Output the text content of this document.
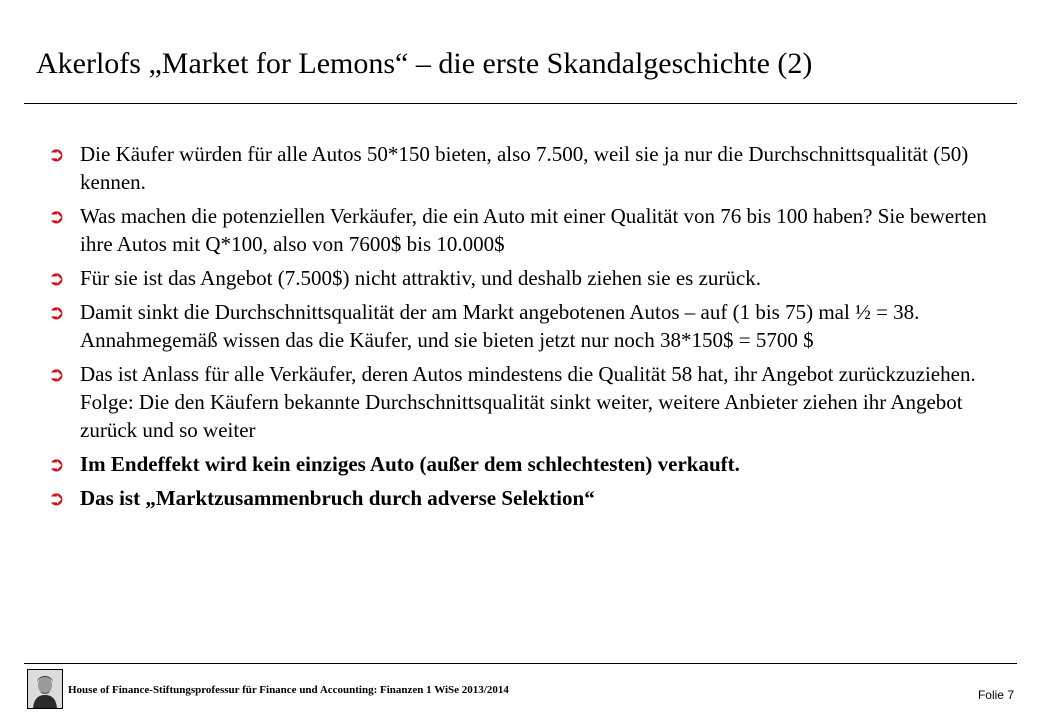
Akerlofs „Market for Lemons“ – die erste Skandalgeschichte (2)
➲ Die Käufer würden für alle Autos 50*150 bieten, also 7.500, weil sie ja nur die Durchschnittsqualität (50) kennen.
➲ Was machen die potenziellen Verkäufer, die ein Auto mit einer Qualität von 76 bis 100 haben? Sie bewerten ihre Autos mit Q*100, also von 7600$ bis 10.000$
➲ Für sie ist das Angebot (7.500$) nicht attraktiv, und deshalb ziehen sie es zurück.
➲ Damit sinkt die Durchschnittsqualität der am Markt angebotenen Autos – auf (1 bis 75) mal ½ = 38. Annahmegemäß wissen das die Käufer, und sie bieten jetzt nur noch 38*150$ = 5700 $
➲ Das ist Anlass für alle Verkäufer, deren Autos mindestens die Qualität 58 hat, ihr Angebot zurückzuziehen. Folge: Die den Käufern bekannte Durchschnittsqualität sinkt weiter, weitere Anbieter ziehen ihr Angebot zurück und so weiter
➲ Im Endeffekt wird kein einziges Auto (außer dem schlechtesten) verkauft.
➲ Das ist „Marktzusammenbruch durch adverse Selektion“
House of Finance-Stiftungsprofessur für Finance und Accounting: Finanzen 1 WiSe 2013/2014	Folie 7
